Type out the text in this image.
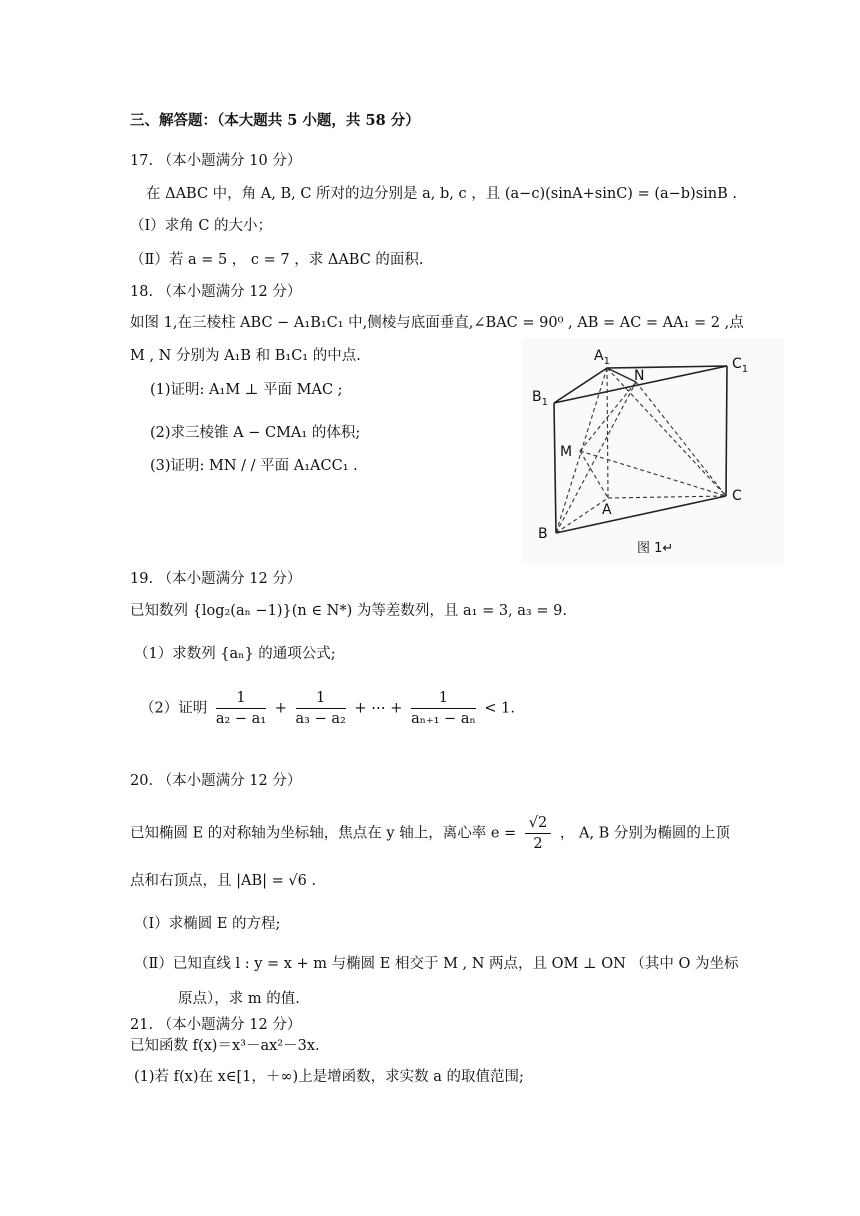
三、解答题：（本大题共 5 小题，共 58 分）
17. （本小题满分 10 分）
在 ΔABC 中，角 A, B, C 所对的边分别是 a, b, c ，且 (a−c)(sinA+sinC) = (a−b)sinB .
（Ⅰ）求角 C 的大小；
（Ⅱ）若 a = 5 ， c = 7 ，求 ΔABC 的面积.
18. （本小题满分 12 分）
如图 1,在三棱柱 ABC − A₁B₁C₁ 中,侧棱与底面垂直,∠BAC = 90⁰ , AB = AC = AA₁ = 2 ,点
M , N 分别为 A₁B 和 B₁C₁ 的中点.
(1)证明: A₁M ⊥ 平面 MAC ;
(2)求三棱锥 A − CMA₁ 的体积;
(3)证明: MN / / 平面 A₁ACC₁ .
$A_1$	$C_1$
$B_1$
N
M
A
C
B
图 1↵
19. （本小题满分 12 分）
已知数列 {log₂(aₙ −1)}(n ∈ N*) 为等差数列，且 a₁ = 3, a₃ = 9.
（1）求数列 {aₙ} 的通项公式;
（2）证明 $\frac{1}{\text{a₂ − a₁}} + \frac{1}{\text{a₃ − a₂}}$ + ⋯ + $\frac{1}{\text{aₙ₊₁ − aₙ}} < 1$.
20. （本小题满分 12 分）
已知椭圆 E 的对称轴为坐标轴，焦点在 y 轴上，离心率 $e = \frac{√2}{2}$ ， A, B 分别为椭圆的上顶
点和右顶点，且 |AB| = √6 .
（Ⅰ）求椭圆 E 的方程;
（Ⅱ）已知直线 l : y = x + m 与椭圆 E 相交于 M , N 两点，且 OM ⊥ ON （其中 O 为坐标
原点），求 m 的值.
21. （本小题满分 12 分）
已知函数 f(x)＝x³－ax²－3x.
(1)若 f(x)在 x∈[1，＋∞)上是增函数，求实数 a 的取值范围;
